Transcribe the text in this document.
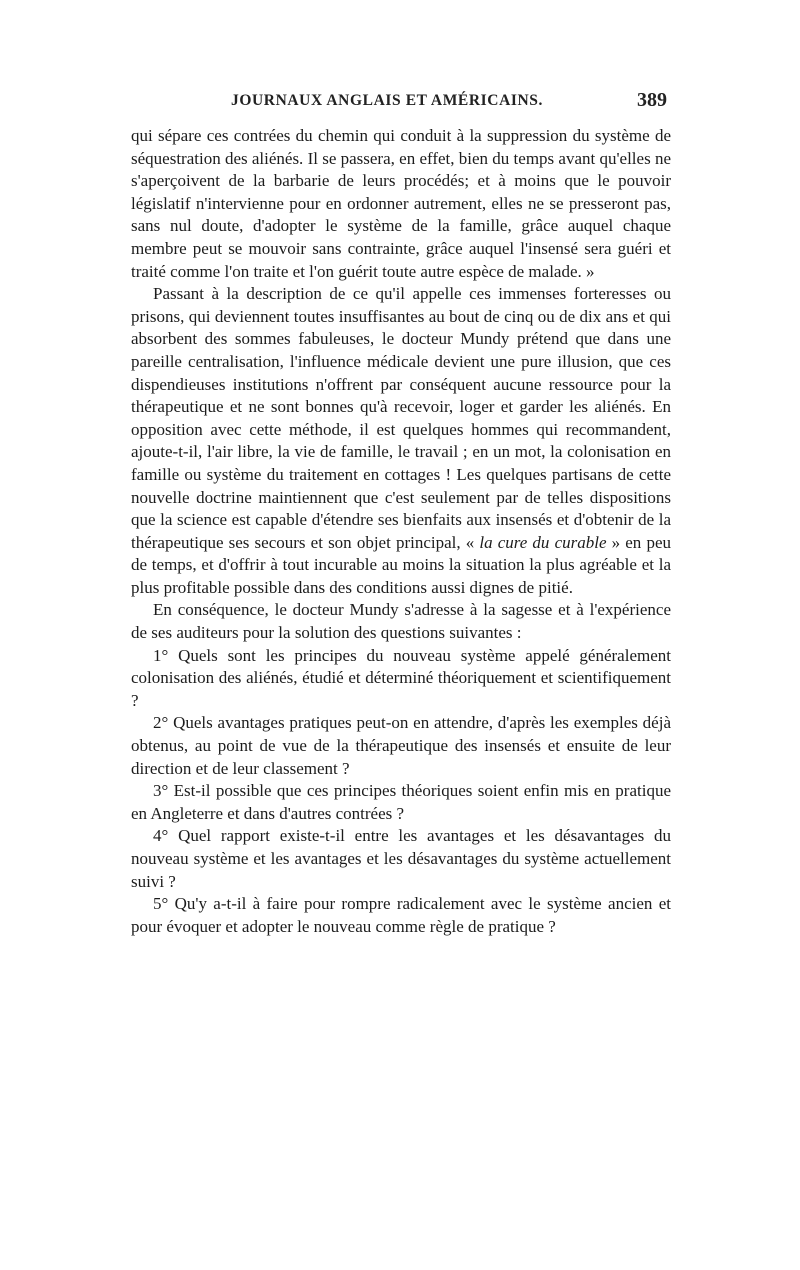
JOURNAUX ANGLAIS ET AMÉRICAINS.	389

qui sépare ces contrées du chemin qui conduit à la suppression du système de séquestration des aliénés. Il se passera, en effet, bien du temps avant qu'elles ne s'aperçoivent de la barbarie de leurs procédés; et à moins que le pouvoir législatif n'intervienne pour en ordonner autrement, elles ne se presseront pas, sans nul doute, d'adopter le système de la famille, grâce auquel chaque membre peut se mouvoir sans contrainte, grâce auquel l'insensé sera guéri et traité comme l'on traite et l'on guérit toute autre espèce de malade. »

Passant à la description de ce qu'il appelle ces immenses forteresses ou prisons, qui deviennent toutes insuffisantes au bout de cinq ou de dix ans et qui absorbent des sommes fabuleuses, le docteur Mundy prétend que dans une pareille centralisation, l'influence médicale devient une pure illusion, que ces dispendieuses institutions n'offrent par conséquent aucune ressource pour la thérapeutique et ne sont bonnes qu'à recevoir, loger et garder les aliénés. En opposition avec cette méthode, il est quelques hommes qui recommandent, ajoute-t-il, l'air libre, la vie de famille, le travail ; en un mot, la colonisation en famille ou système du traitement en cottages ! Les quelques partisans de cette nouvelle doctrine maintiennent que c'est seulement par de telles dispositions que la science est capable d'étendre ses bienfaits aux insensés et d'obtenir de la thérapeutique ses secours et son objet principal, « la cure du curable » en peu de temps, et d'offrir à tout incurable au moins la situation la plus agréable et la plus profitable possible dans des conditions aussi dignes de pitié.

En conséquence, le docteur Mundy s'adresse à la sagesse et à l'expérience de ses auditeurs pour la solution des questions suivantes :

1° Quels sont les principes du nouveau système appelé généralement colonisation des aliénés, étudié et déterminé théoriquement et scientifiquement ?

2° Quels avantages pratiques peut-on en attendre, d'après les exemples déjà obtenus, au point de vue de la thérapeutique des insensés et ensuite de leur direction et de leur classement ?

3° Est-il possible que ces principes théoriques soient enfin mis en pratique en Angleterre et dans d'autres contrées ?

4° Quel rapport existe-t-il entre les avantages et les désavantages du nouveau système et les avantages et les désavantages du système actuellement suivi ?

5° Qu'y a-t-il à faire pour rompre radicalement avec le système ancien et pour évoquer et adopter le nouveau comme règle de pratique ?
